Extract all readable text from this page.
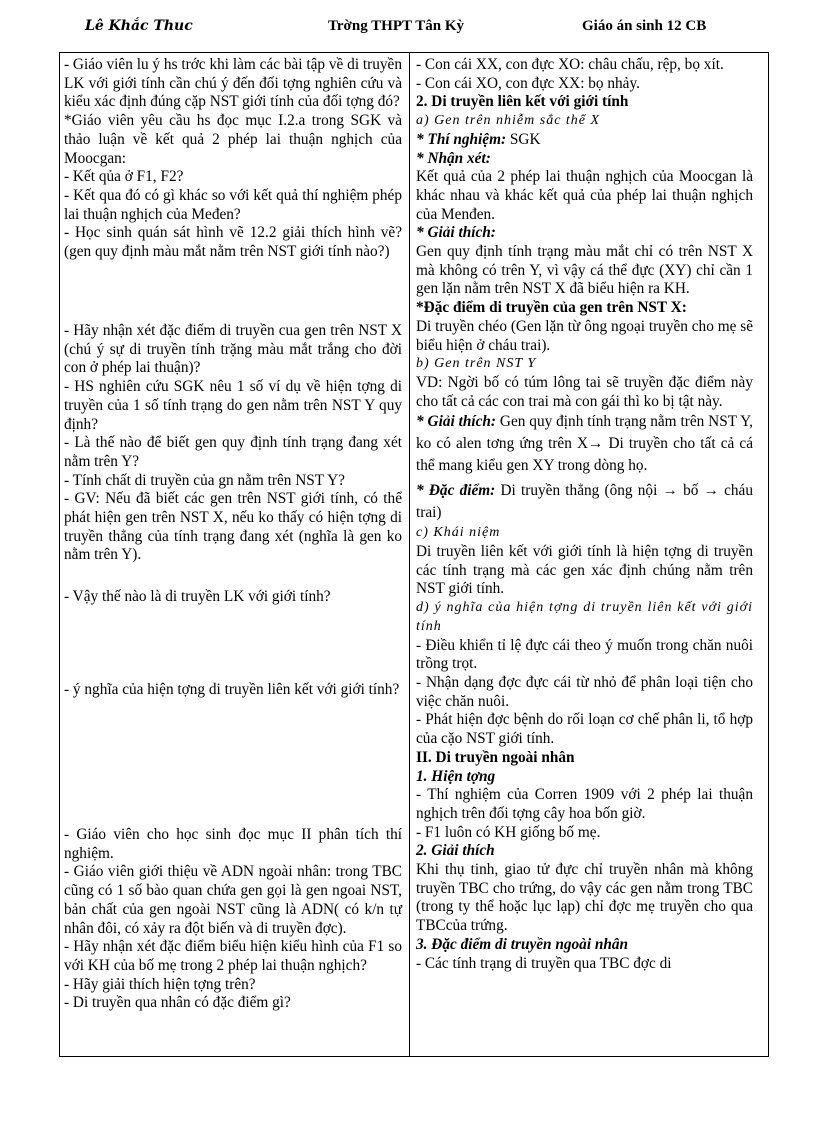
Lê Khắc Thuc	Trờng THPT Tân Kỳ	Giáo án sinh 12 CB

- Giáo viên lu ý hs trớc khi làm các bài tập về di truyền LK với giới tính cần chú ý đến đối tợng nghiên cứu và kiểu xác định đúng cặp NST giới tính của đối tợng đó?

*Giáo viên yêu cầu hs đọc mục I.2.a trong SGK và thảo luận về kết quả 2 phép lai thuận nghịch của Moocgan:

- Kết qủa ở F1, F2?

- Kết qua đó có gì khác so với kết quả thí nghiệm phép lai thuận nghịch của Međen?

- Học sinh quán sát hình vẽ 12.2 giải thích hình vẽ? (gen quy định màu mắt nằm trên NST giới tính nào?)

- Hãy nhận xét đặc điểm di truyền cua gen trên NST X (chú ý sự di truyền tính trặng màu mắt trắng cho đời con ở phép lai thuận)?

- HS nghiên cứu SGK nêu 1 số ví dụ về hiện tợng di truyền của 1 số tính trạng do gen nằm trên NST Y quy định?

- Là thế nào để biết gen quy định tính trạng đang xét nằm trên Y?

- Tính chất di truyền của gn nằm trên NST Y?

- GV: Nếu đã biết các gen trên NST giới tính, có thể phát hiện gen trên NST X, nếu ko thấy có hiện tợng di truyền thẳng của tính trạng đang xét (nghĩa là gen ko nằm trên Y).

- Vậy thế nào là di truyền LK với giới tính?
- ý nghĩa của hiện tợng di truyền liên kết với giới tính?

- Giáo viên cho học sinh đọc mục II phân tích thí nghiệm.

- Giáo viên giới thiệu về ADN ngoài nhân: trong TBC cũng có 1 số bào quan chứa gen gọi là gen ngoai NST, bản chất của gen ngoài NST cũng là ADN( có k/n tự nhân đôi, có xảy ra đột biến và di truyền đợc).

- Hãy nhận xét đặc điểm biểu hiện kiểu hình của F1 so với KH của bố mẹ trong 2 phép lai thuận nghịch?

- Hãy giải thích hiện tợng trên?

- Di truyền qua nhân có đặc điểm gì?

- Con cái XX, con đực XO: châu chấu, rệp, bọ xít.

- Con cái XO, con đực XX: bọ nhảy.

2. Di truyền liên kết với giới tính

a) Gen trên nhiễm sắc thể X

* Thí nghiệm: SGK

* Nhận xét:

Kết quả của 2 phép lai thuận nghịch của Moocgan là khác nhau và khác kết quả của phép lai thuận nghịch của Menđen.

* Giải thích:

Gen quy định tính trạng màu mắt chỉ có trên NST X mà không có trên Y, vì vậy cá thể đực (XY) chỉ cần 1 gen lặn nằm trên NST X đã biểu hiện ra KH.

*Đặc điểm di truyền của gen trên NST X:

Di truyền chéo (Gen lặn từ ông ngoại truyền cho mẹ sẽ biểu hiện ở cháu trai).

b) Gen trên NST Y

VD: Ngời bố có túm lông tai sẽ truyền đặc điểm này cho tất cả các con trai mà con gái thì ko bị tật này.

* Giải thích: Gen quy định tính trạng nằm trên NST Y, ko có alen tơng ứng trên X→ Di truyền cho tất cả cá thể mang kiểu gen XY trong dòng họ.

* Đặc điểm: Di truyền thẳng (ông nội → bố → cháu trai)

c) Khái niệm

Di truyền liên kết với giới tính là hiện tợng di truyền các tính trạng mà các gen xác định chúng nằm trên NST giới tính.

d) ý nghĩa của hiện tợng di truyền liên kết với giới tính

- Điều khiển tỉ lệ đực cái theo ý muốn trong chăn nuôi trồng trọt.

- Nhận dạng đợc đực cái từ nhỏ để phân loại tiện cho việc chăn nuôi.

- Phát hiện đợc bệnh do rối loạn cơ chế phân li, tổ hợp của cặo NST giới tính.

II. Di truyền ngoài nhân

1. Hiện tợng

- Thí nghiệm của Corren 1909 với 2 phép lai thuận nghịch trên đối tợng cây hoa bốn giờ.

- F1 luôn có KH giống bố mẹ.

2. Giải thích

Khi thụ tinh, giao tử đực chỉ truyền nhân mà không truyền TBC cho trứng, do vậy các gen nằm trong TBC (trong ty thể hoặc lục lạp) chỉ đợc mẹ truyền cho qua TBCcủa trứng.

3. Đặc điểm di truyền ngoài nhân

- Các tính trạng di truyền qua TBC đợc di
